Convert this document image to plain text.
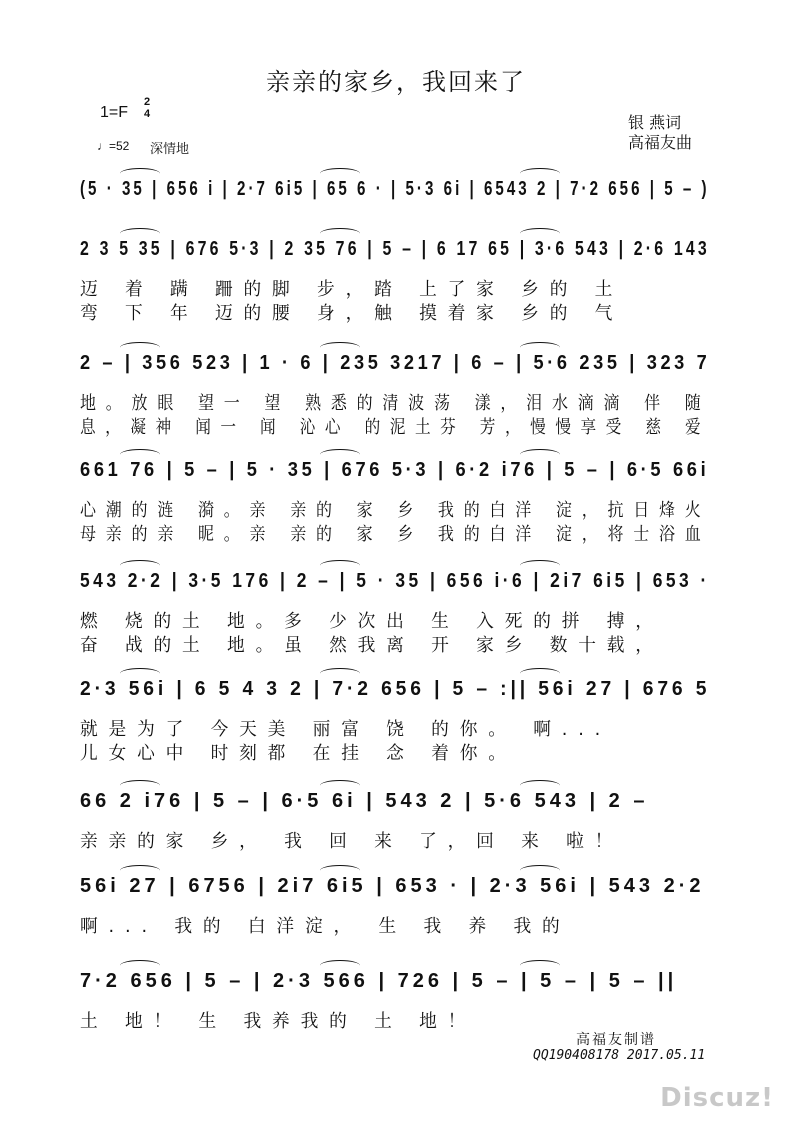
亲亲的家乡，我回来了
1=F
2
4
♩=52 深情地
银 燕词
高福友曲
(5 · 35 | 656 i | 2·7 6i5 | 65 6 · | 5·3 6i | 6543 2 | 7·2 656 | 5 – )
2 3 5 35 | 676 5·3 | 2 35 76 | 5 – | 6 17 65 | 3·6 543 | 2·6 143
迈 着 蹒 跚的脚 步，踏 上了家 乡的 土
弯 下 年 迈的腰 身，触 摸着家 乡的 气
2 – | 356 523 | 1 · 6 | 235 3217 | 6 – | 5·6 235 | 323 7
地。放眼 望一 望 熟悉的清波荡 漾，泪水滴滴 伴 随
息，凝神 闻一 闻 沁心 的泥土芬 芳，慢慢享受 慈 爱
661 76 | 5 – | 5 · 35 | 676 5·3 | 6·2 i76 | 5 – | 6·5 66i
心潮的涟 漪。亲 亲的 家 乡 我的白洋 淀，抗日烽火
母亲的亲 昵。亲 亲的 家 乡 我的白洋 淀，将士浴血
543 2·2 | 3·5 176 | 2 – | 5 · 35 | 656 i·6 | 2i7 6i5 | 653 ·
燃 烧的土 地。多 少次出 生 入死的拼 搏，
奋 战的土 地。虽 然我离 开 家乡 数十载，
2·3 56i | 6 5 4 3 2 | 7·2 656 | 5 – :|| 56i 27 | 676 5
就是为了 今天美 丽富 饶 的你。 啊...
儿女心中 时刻都 在挂 念 着你。
66 2 i76 | 5 – | 6·5 6i | 543 2 | 5·6 543 | 2 –
亲亲的家 乡， 我 回 来 了，回 来 啦！
56i 27 | 6756 | 2i7 6i5 | 653 · | 2·3 56i | 543 2·2
啊... 我的 白洋淀， 生 我 养 我的
7·2 656 | 5 – | 2·3 566 | 726 | 5 – | 5 – | 5 – ||
土 地！ 生 我养我的 土 地！
高福友制谱
QQ190408178 2017.05.11
Discuz!
